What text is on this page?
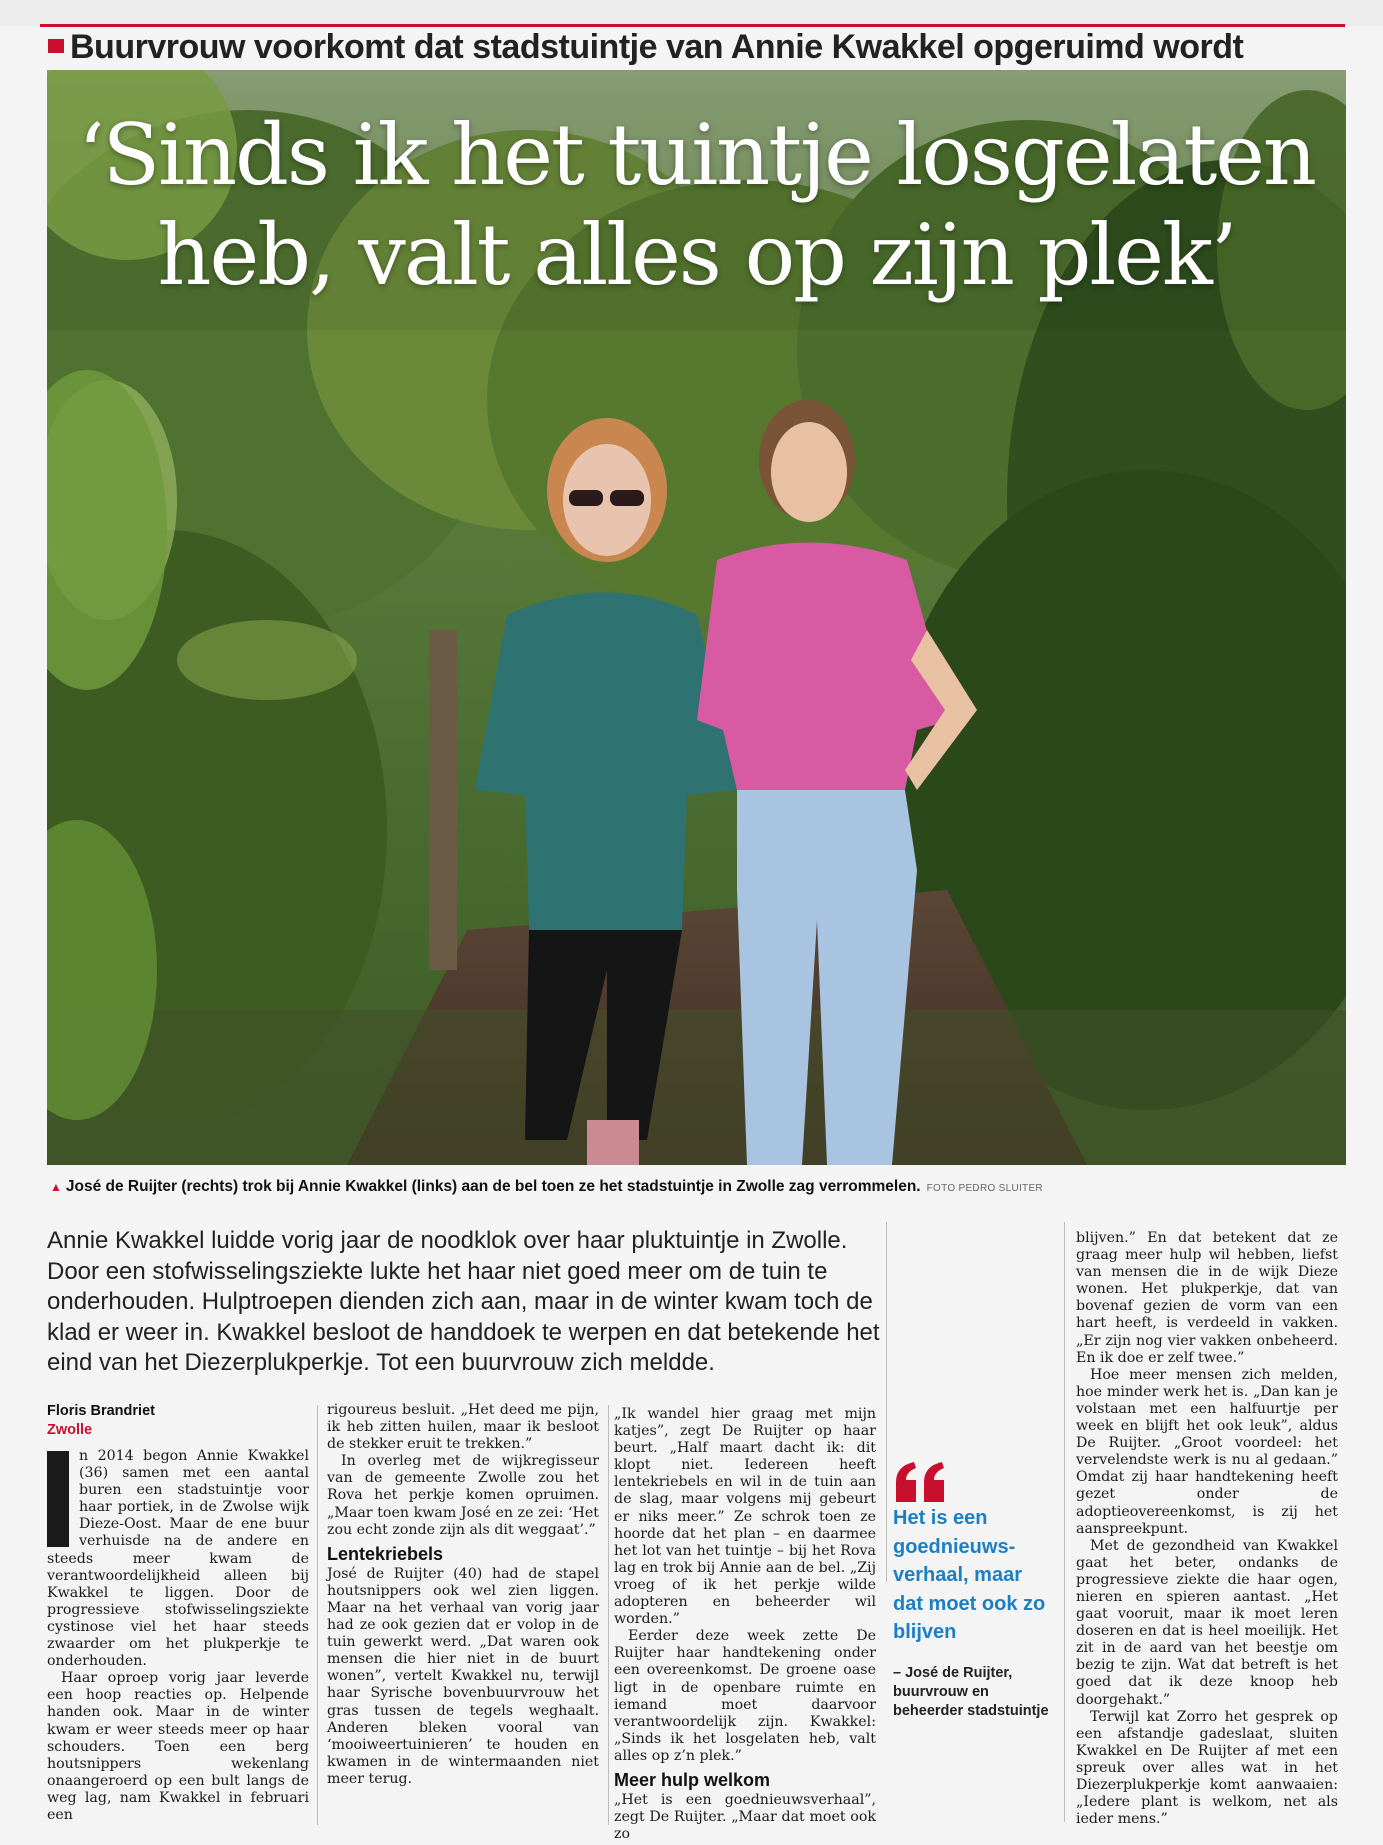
Buurvrouw voorkomt dat stadstuintje van Annie Kwakkel opgeruimd wordt
‘Sinds ik het tuintje losgelaten
heb, valt alles op zijn plek’
▲ José de Ruijter (rechts) trok bij Annie Kwakkel (links) aan de bel toen ze het stadstuintje in Zwolle zag verrommelen. FOTO PEDRO SLUITER
Annie Kwakkel luidde vorig jaar de noodklok over haar pluktuintje in Zwolle. Door een stofwisselingsziekte lukte het haar niet goed meer om de tuin te onderhouden. Hulptroepen dienden zich aan, maar in de winter kwam toch de klad er weer in. Kwakkel besloot de handdoek te werpen en dat betekende het eind van het Diezerplukperkje. Tot een buurvrouw zich meldde.
Floris Brandriet
Zwolle

n 2014 begon Annie Kwakkel (36) samen met een aantal buren een stadstuintje voor haar portiek, in de Zwolse wijk Dieze-Oost. Maar de ene buur verhuisde na de andere en steeds meer kwam de verantwoordelijkheid alleen bij Kwakkel te liggen. Door de progressieve stofwisselingsziekte cystinose viel het haar steeds zwaarder om het plukperkje te onderhouden.

Haar oproep vorig jaar leverde een hoop reacties op. Helpende handen ook. Maar in de winter kwam er weer steeds meer op haar schouders. Toen een berg houtsnippers wekenlang onaangeroerd op een bult langs de weg lag, nam Kwakkel in februari een

rigoureus besluit. „Het deed me pijn, ik heb zitten huilen, maar ik besloot de stekker eruit te trekken.”

In overleg met de wijkregisseur van de gemeente Zwolle zou het Rova het perkje komen opruimen. „Maar toen kwam José en ze zei: ‘Het zou echt zonde zijn als dit weggaat’.”

Lentekriebels

José de Ruijter (40) had de stapel houtsnippers ook wel zien liggen. Maar na het verhaal van vorig jaar had ze ook gezien dat er volop in de tuin gewerkt werd. „Dat waren ook mensen die hier niet in de buurt wonen”, vertelt Kwakkel nu, terwijl haar Syrische bovenbuurvrouw het gras tussen de tegels weghaalt. Anderen bleken vooral van ‘mooiweertuinieren’ te houden en kwamen in de wintermaanden niet meer terug.

„Ik wandel hier graag met mijn katjes”, zegt De Ruijter op haar beurt. „Half maart dacht ik: dit klopt niet. Iedereen heeft lentekriebels en wil in de tuin aan de slag, maar volgens mij gebeurt er niks meer.” Ze schrok toen ze hoorde dat het plan – en daarmee het lot van het tuintje – bij het Rova lag en trok bij Annie aan de bel. „Zij vroeg of ik het perkje wilde adopteren en beheerder wil worden.”

Eerder deze week zette De Ruijter haar handtekening onder een overeenkomst. De groene oase ligt in de openbare ruimte en iemand moet daarvoor verantwoordelijk zijn. Kwakkel: „Sinds ik het losgelaten heb, valt alles op z’n plek.”

Meer hulp welkom

„Het is een goednieuwsverhaal”, zegt De Ruijter. „Maar dat moet ook zo

Het is een goednieuws-verhaal, maar dat moet ook zo blijven
– José de Ruijter, buurvrouw en beheerder stadstuintje

blijven.” En dat betekent dat ze graag meer hulp wil hebben, liefst van mensen die in de wijk Dieze wonen. Het plukperkje, dat van bovenaf gezien de vorm van een hart heeft, is verdeeld in vakken. „Er zijn nog vier vakken onbeheerd. En ik doe er zelf twee.”

Hoe meer mensen zich melden, hoe minder werk het is. „Dan kan je volstaan met een halfuurtje per week en blijft het ook leuk”, aldus De Ruijter. „Groot voordeel: het vervelendste werk is nu al gedaan.” Omdat zij haar handtekening heeft gezet onder de adoptieovereenkomst, is zij het aanspreekpunt.

Met de gezondheid van Kwakkel gaat het beter, ondanks de progressieve ziekte die haar ogen, nieren en spieren aantast. „Het gaat vooruit, maar ik moet leren doseren en dat is heel moeilijk. Het zit in de aard van het beestje om bezig te zijn. Wat dat betreft is het goed dat ik deze knoop heb doorgehakt.”

Terwijl kat Zorro het gesprek op een afstandje gadeslaat, sluiten Kwakkel en De Ruijter af met een spreuk over alles wat in het Diezerplukperkje komt aanwaaien: „Iedere plant is welkom, net als ieder mens.”
